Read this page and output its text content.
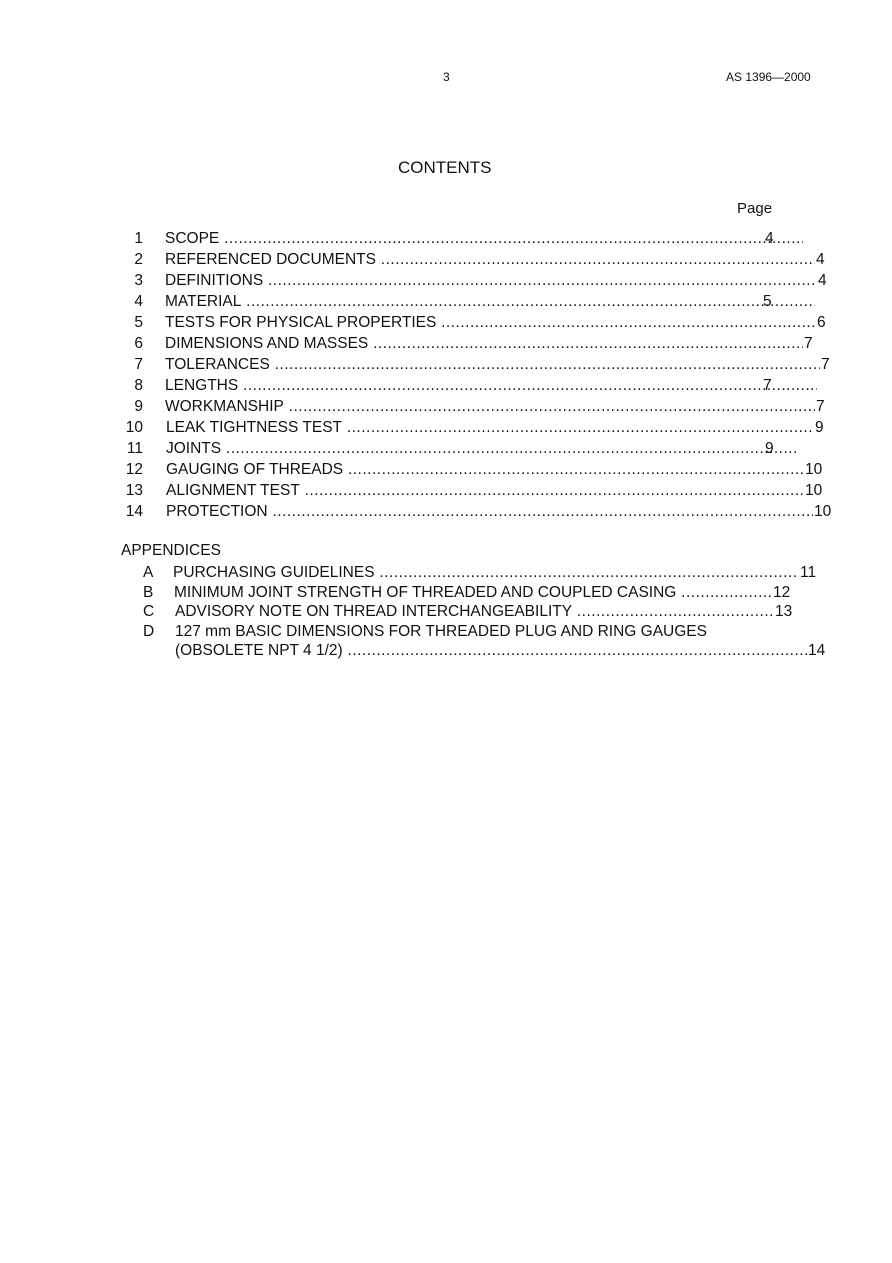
3	AS 1396—2000
CONTENTS
Page
1 SCOPE .....	4
2 REFERENCED DOCUMENTS .....	4
3 DEFINITIONS .....	4
4 MATERIAL .....	5
5 TESTS FOR PHYSICAL PROPERTIES .....	6
6 DIMENSIONS AND MASSES .....	7
7 TOLERANCES .....	7
8 LENGTHS .....	7
9 WORKMANSHIP .....	7
10 LEAK TIGHTNESS TEST .....	9
11 JOINTS .....	9
12 GAUGING OF THREADS .....	10
13 ALIGNMENT TEST .....	10
14 PROTECTION .....	10
APPENDICES
A PURCHASING GUIDELINES .....	11
B MINIMUM JOINT STRENGTH OF THREADED AND COUPLED CASING .....	12
C ADVISORY NOTE ON THREAD INTERCHANGEABILITY .....	13
D 127 mm BASIC DIMENSIONS FOR THREADED PLUG AND RING GAUGES
(OBSOLETE NPT 4 1/2) .....	14
